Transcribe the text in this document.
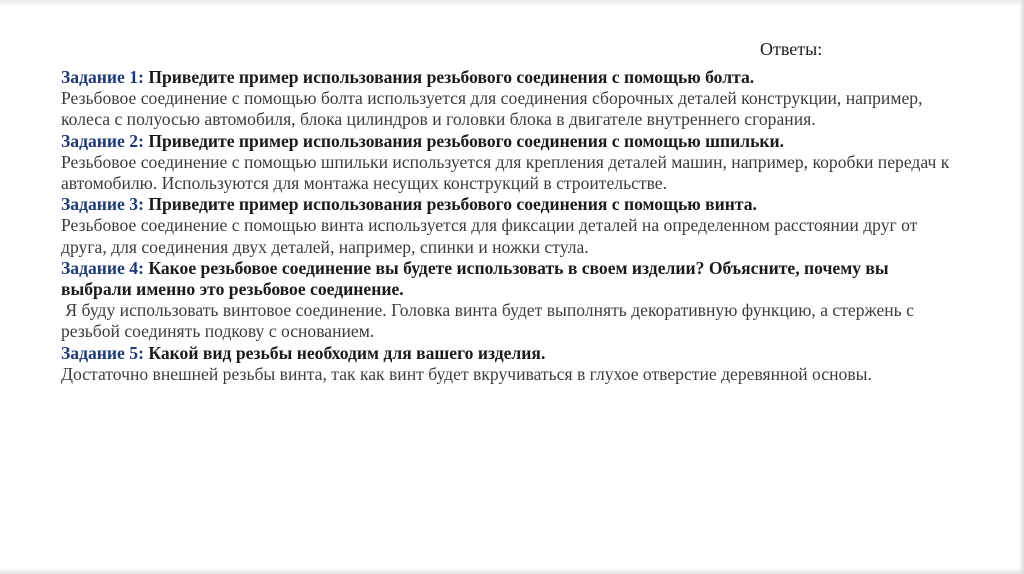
Ответы:

Задание 1: Приведите пример использования резьбового соединения с помощью болта.

Резьбовое соединение с помощью болта используется для соединения сборочных деталей конструкции, например, колеса с полуосью автомобиля, блока цилиндров и головки блока в двигателе внутреннего сгорания.

Задание 2: Приведите пример использования резьбового соединения с помощью шпильки.

Резьбовое соединение с помощью шпильки используется для крепления деталей машин, например, коробки передач к автомобилю. Используются для монтажа несущих конструкций в строительстве.

Задание 3: Приведите пример использования резьбового соединения с помощью винта.

Резьбовое соединение с помощью винта используется для фиксации деталей на определенном расстоянии друг от друга, для соединения двух деталей, например, спинки и ножки стула.

Задание 4: Какое резьбовое соединение вы будете использовать в своем изделии? Объясните, почему вы выбрали именно это резьбовое соединение.

Я буду использовать винтовое соединение. Головка винта будет выполнять декоративную функцию, а стержень с резьбой соединять подкову с основанием.

Задание 5: Какой вид резьбы необходим для вашего изделия.

Достаточно внешней резьбы винта, так как винт будет вкручиваться в глухое отверстие деревянной основы.
